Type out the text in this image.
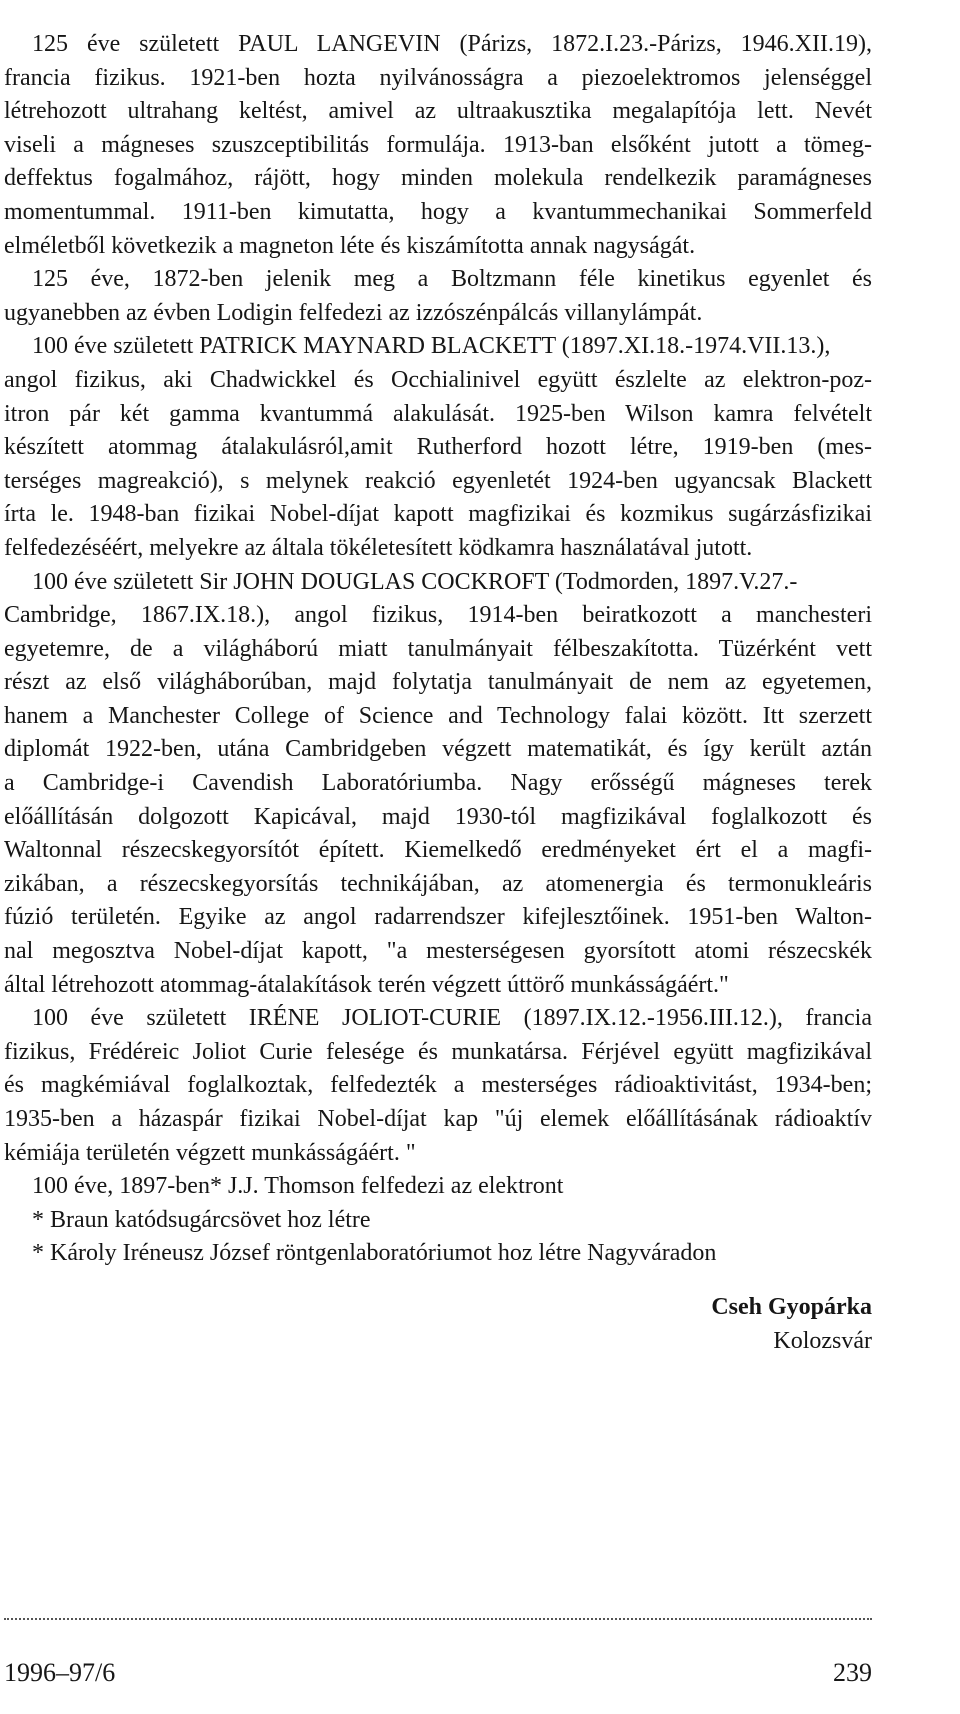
125 éve született PAUL LANGEVIN (Párizs, 1872.I.23.-Párizs, 1946.XII.19),
francia fizikus. 1921-ben hozta nyilvánosságra a piezoelektromos jelenséggel
létrehozott ultrahang keltést, amivel az ultraakusztika megalapítója lett. Nevét
viseli a mágneses szuszceptibilitás formulája. 1913-ban elsőként jutott a tömeg-
deffektus fogalmához, rájött, hogy minden molekula rendelkezik paramágneses
momentummal. 1911-ben kimutatta, hogy a kvantummechanikai Sommerfeld
elméletből következik a magneton léte és kiszámította annak nagyságát.
125 éve, 1872-ben jelenik meg a Boltzmann féle kinetikus egyenlet és
ugyanebben az évben Lodigin felfedezi az izzószénpálcás villanylámpát.
100 éve született PATRICK MAYNARD BLACKETT (1897.XI.18.-1974.VII.13.),
angol fizikus, aki Chadwickkel és Occhialinivel együtt észlelte az elektron-poz-
itron pár két gamma kvantummá alakulását. 1925-ben Wilson kamra felvételt
készített atommag átalakulásról,amit Rutherford hozott létre, 1919-ben (mes-
terséges magreakció), s melynek reakció egyenletét 1924-ben ugyancsak Blackett
írta le. 1948-ban fizikai Nobel-díjat kapott magfizikai és kozmikus sugárzásfizikai
felfedezéséért, melyekre az általa tökéletesített ködkamra használatával jutott.
100 éve született Sir JOHN DOUGLAS COCKROFT (Todmorden, 1897.V.27.-
Cambridge, 1867.IX.18.), angol fizikus, 1914-ben beiratkozott a manchesteri
egyetemre, de a világháború miatt tanulmányait félbeszakította. Tüzérként vett
részt az első világháborúban, majd folytatja tanulmányait de nem az egyetemen,
hanem a Manchester College of Science and Technology falai között. Itt szerzett
diplomát 1922-ben, utána Cambridgeben végzett matematikát, és így került aztán
a Cambridge-i Cavendish Laboratóriumba. Nagy erősségű mágneses terek
előállításán dolgozott Kapicával, majd 1930-tól magfizikával foglalkozott és
Waltonnal részecskegyorsítót épített. Kiemelkedő eredményeket ért el a magfi-
zikában, a részecskegyorsítás technikájában, az atomenergia és termonukleáris
fúzió területén. Egyike az angol radarrendszer kifejlesztőinek. 1951-ben Walton-
nal megosztva Nobel-díjat kapott, "a mesterségesen gyorsított atomi részecskék
által létrehozott atommag-átalakítások terén végzett úttörő munkásságáért."
100 éve született IRÉNE JOLIOT-CURIE (1897.IX.12.-1956.III.12.), francia
fizikus, Frédéreic Joliot Curie felesége és munkatársa. Férjével együtt magfizikával
és magkémiával foglalkoztak, felfedezték a mesterséges rádioaktivitást, 1934-ben;
1935-ben a házaspár fizikai Nobel-díjat kap "új elemek előállításának rádioaktív
kémiája területén végzett munkásságáért. "
100 éve, 1897-ben* J.J. Thomson felfedezi az elektront
* Braun katódsugárcsövet hoz létre
* Károly Iréneusz József röntgenlaboratóriumot hoz létre Nagyváradon
Cseh Gyopárka
Kolozsvár
1996–97/6	239
